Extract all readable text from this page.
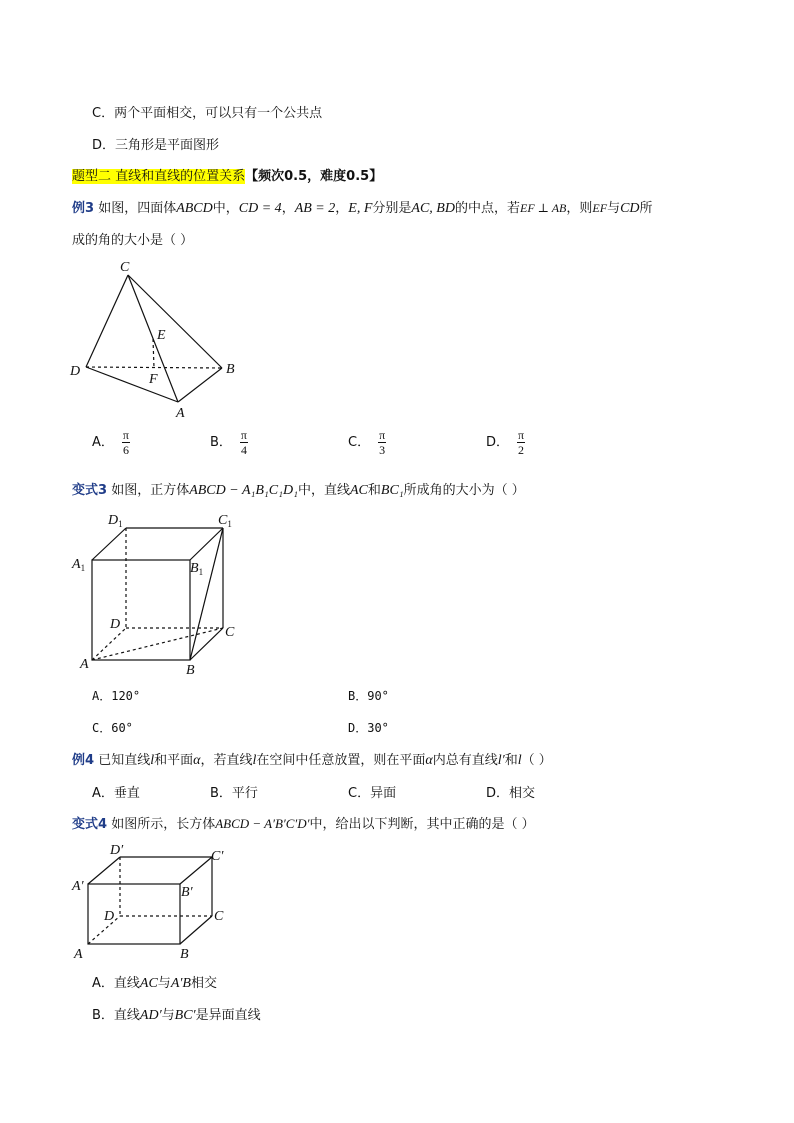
C．两个平面相交，可以只有一个公共点
D．三角形是平面图形
题型二 直线和直线的位置关系【频次0.5，难度0.5】
例3 如图，四面体ABCD中，CD = 4，AB = 2，E, F分别是AC, BD的中点，若EF ⊥ AB，则EF与CD所
成的角的大小是（ ）
C
D	B
A
E
F
A． $\frac{\pi}{6}$	B． $\frac{\pi}{4}$	C． $\frac{\pi}{3}$	D． $\frac{\pi}{2}$
变式3 如图，正方体ABCD − A₁B₁C₁D₁中，直线AC和BC₁所成角的大小为（ ）
$D_1$	$C_1$
$A_1$	$B_1$
D
C
A	B
A．120°	B．90°
C．60°	D．30°
例4 已知直线l和平面α，若直线l在空间中任意放置，则在平面α内总有直线l′和l（ ）
A．垂直	B．平行	C．异面	D．相交
变式4 如图所示，长方体ABCD − A′B′C′D′中，给出以下判断，其中正确的是（ ）
D′	C′
A′	B′
D	C
A	B
A．直线AC与A′B相交
B．直线AD′与BC′是异面直线
